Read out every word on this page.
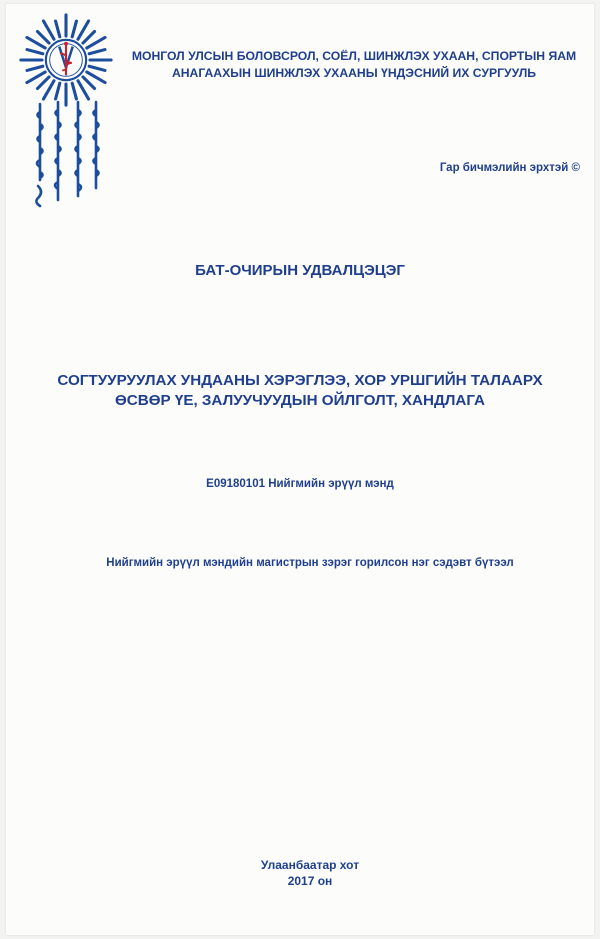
МОНГОЛ УЛСЫН БОЛОВСРОЛ, СОЁЛ, ШИНЖЛЭХ УХААН, СПОРТЫН ЯАМ
АНАГААХЫН ШИНЖЛЭХ УХААНЫ ҮНДЭСНИЙ ИХ СУРГУУЛЬ
Гар бичмэлийн эрхтэй ©
БАТ-ОЧИРЫН УДВАЛЦЭЦЭГ
СОГТУУРУУЛАХ УНДААНЫ ХЭРЭГЛЭЭ, ХОР УРШГИЙН ТАЛААРХ
ӨСВӨР ҮЕ, ЗАЛУУЧУУДЫН ОЙЛГОЛТ, ХАНДЛАГА
E09180101 Нийгмийн эрүүл мэнд
Нийгмийн эрүүл мэндийн магистрын зэрэг горилсон нэг сэдэвт бүтээл
Улаанбаатар хот
2017 он
